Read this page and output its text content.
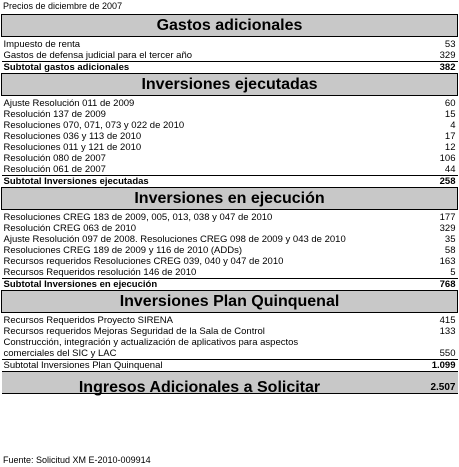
Precios de diciembre de 2007
Gastos adicionales	

Impuesto de renta	53
Gastos de defensa judicial para el tercer año	329
Subtotal gastos adicionales	382
Inversiones ejecutadas	

Ajuste Resolución 011 de 2009	60
Resolución 137 de 2009	15
Resoluciones 070, 071, 073 y 022 de 2010	4
Resoluciones 036 y 113 de 2010	17
Resoluciones 011 y 121 de 2010	12
Resolución 080 de 2007	106
Resolución 061 de 2007	44
Subtotal Inversiones ejecutadas	258
Inversiones en ejecución	

Resoluciones CREG 183 de 2009, 005, 013, 038 y 047 de 2010	177
Resolución CREG 063 de 2010	329
Ajuste Resolución 097 de 2008. Resoluciones CREG 098 de 2009 y 043 de 2010	35
Resoluciones CREG 189 de 2009 y 116 de 2010 (ADDs)	58
Recursos requeridos Resoluciones CREG 039, 040 y 047 de 2010	163
Recursos Requeridos resolución 146 de 2010	5
Subtotal Inversiones en ejecución	768
Inversiones Plan Quinquenal	

Recursos Requeridos Proyecto SIRENA	415
Recursos requeridos Mejoras Seguridad de la Sala de Control	133
Construcción, integración y actualización de aplicativos para aspectos comerciales del SIC y LAC	550
Subtotal Inversiones Plan Quinquenal	1.099
Ingresos Adicionales a Solicitar	2.507
Fuente: Solicitud XM E-2010-009914
